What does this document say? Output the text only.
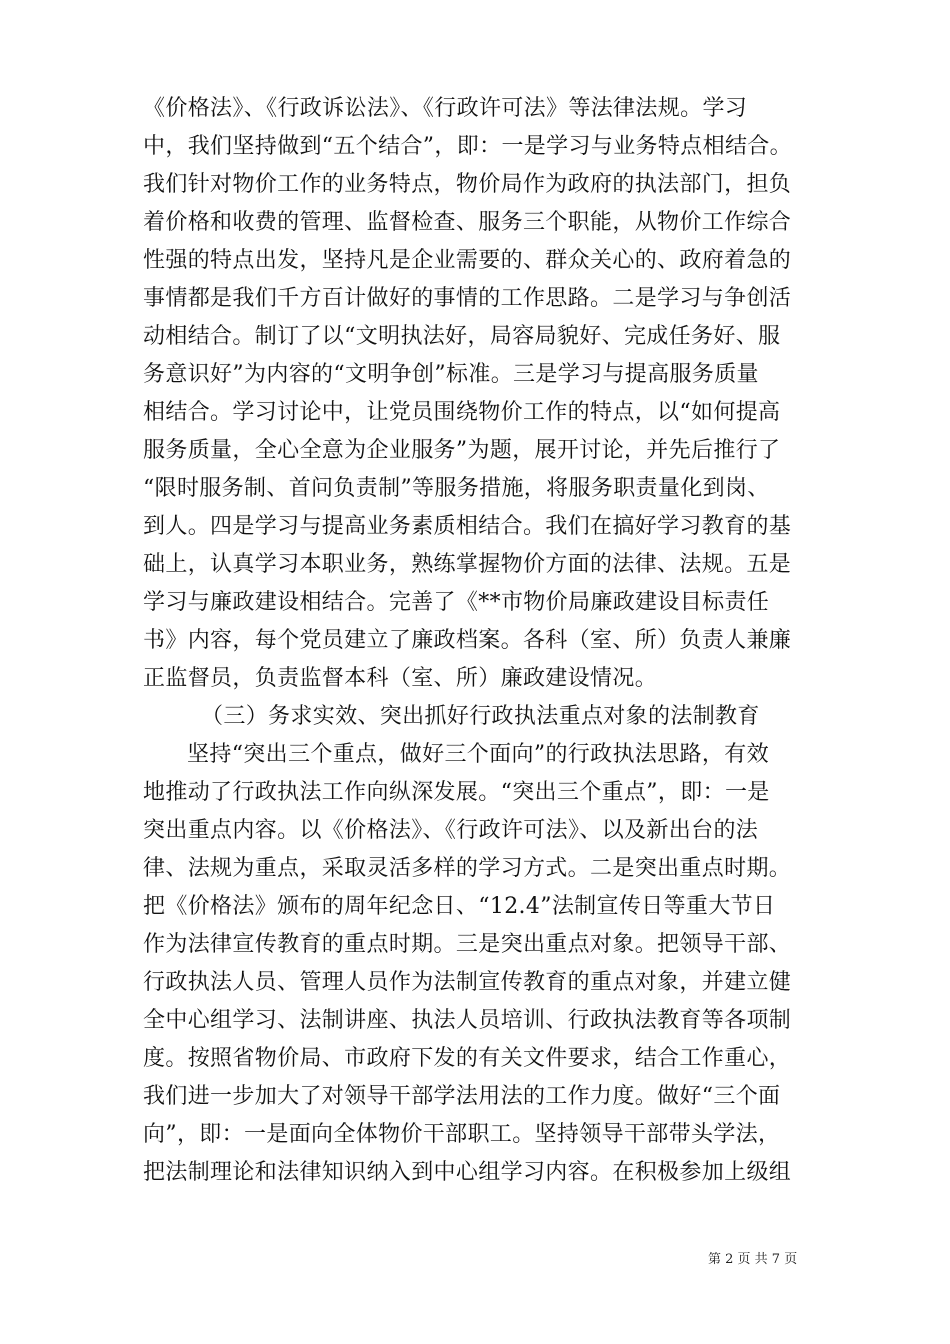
《价格法》、《行政诉讼法》、《行政许可法》等法律法规。学习
中，我们坚持做到“五个结合”，即：一是学习与业务特点相结合。
我们针对物价工作的业务特点，物价局作为政府的执法部门，担负
着价格和收费的管理、监督检查、服务三个职能，从物价工作综合
性强的特点出发，坚持凡是企业需要的、群众关心的、政府着急的
事情都是我们千方百计做好的事情的工作思路。二是学习与争创活
动相结合。制订了以“文明执法好，局容局貌好、完成任务好、服
务意识好”为内容的“文明争创”标准。三是学习与提高服务质量
相结合。学习讨论中，让党员围绕物价工作的特点，以“如何提高
服务质量，全心全意为企业服务”为题，展开讨论，并先后推行了
“限时服务制、首问负责制”等服务措施，将服务职责量化到岗、
到人。四是学习与提高业务素质相结合。我们在搞好学习教育的基
础上，认真学习本职业务，熟练掌握物价方面的法律、法规。五是
学习与廉政建设相结合。完善了《**市物价局廉政建设目标责任
书》内容，每个党员建立了廉政档案。各科（室、所）负责人兼廉
正监督员，负责监督本科（室、所）廉政建设情况。
（三）务求实效、突出抓好行政执法重点对象的法制教育
坚持“突出三个重点，做好三个面向”的行政执法思路，有效
地推动了行政执法工作向纵深发展。“突出三个重点”，即：一是
突出重点内容。以《价格法》、《行政许可法》、以及新出台的法
律、法规为重点，采取灵活多样的学习方式。二是突出重点时期。
把《价格法》颁布的周年纪念日、“12.4”法制宣传日等重大节日
作为法律宣传教育的重点时期。三是突出重点对象。把领导干部、
行政执法人员、管理人员作为法制宣传教育的重点对象，并建立健
全中心组学习、法制讲座、执法人员培训、行政执法教育等各项制
度。按照省物价局、市政府下发的有关文件要求，结合工作重心，
我们进一步加大了对领导干部学法用法的工作力度。做好“三个面
向”，即：一是面向全体物价干部职工。坚持领导干部带头学法，
把法制理论和法律知识纳入到中心组学习内容。在积极参加上级组
第 2 页 共 7 页
